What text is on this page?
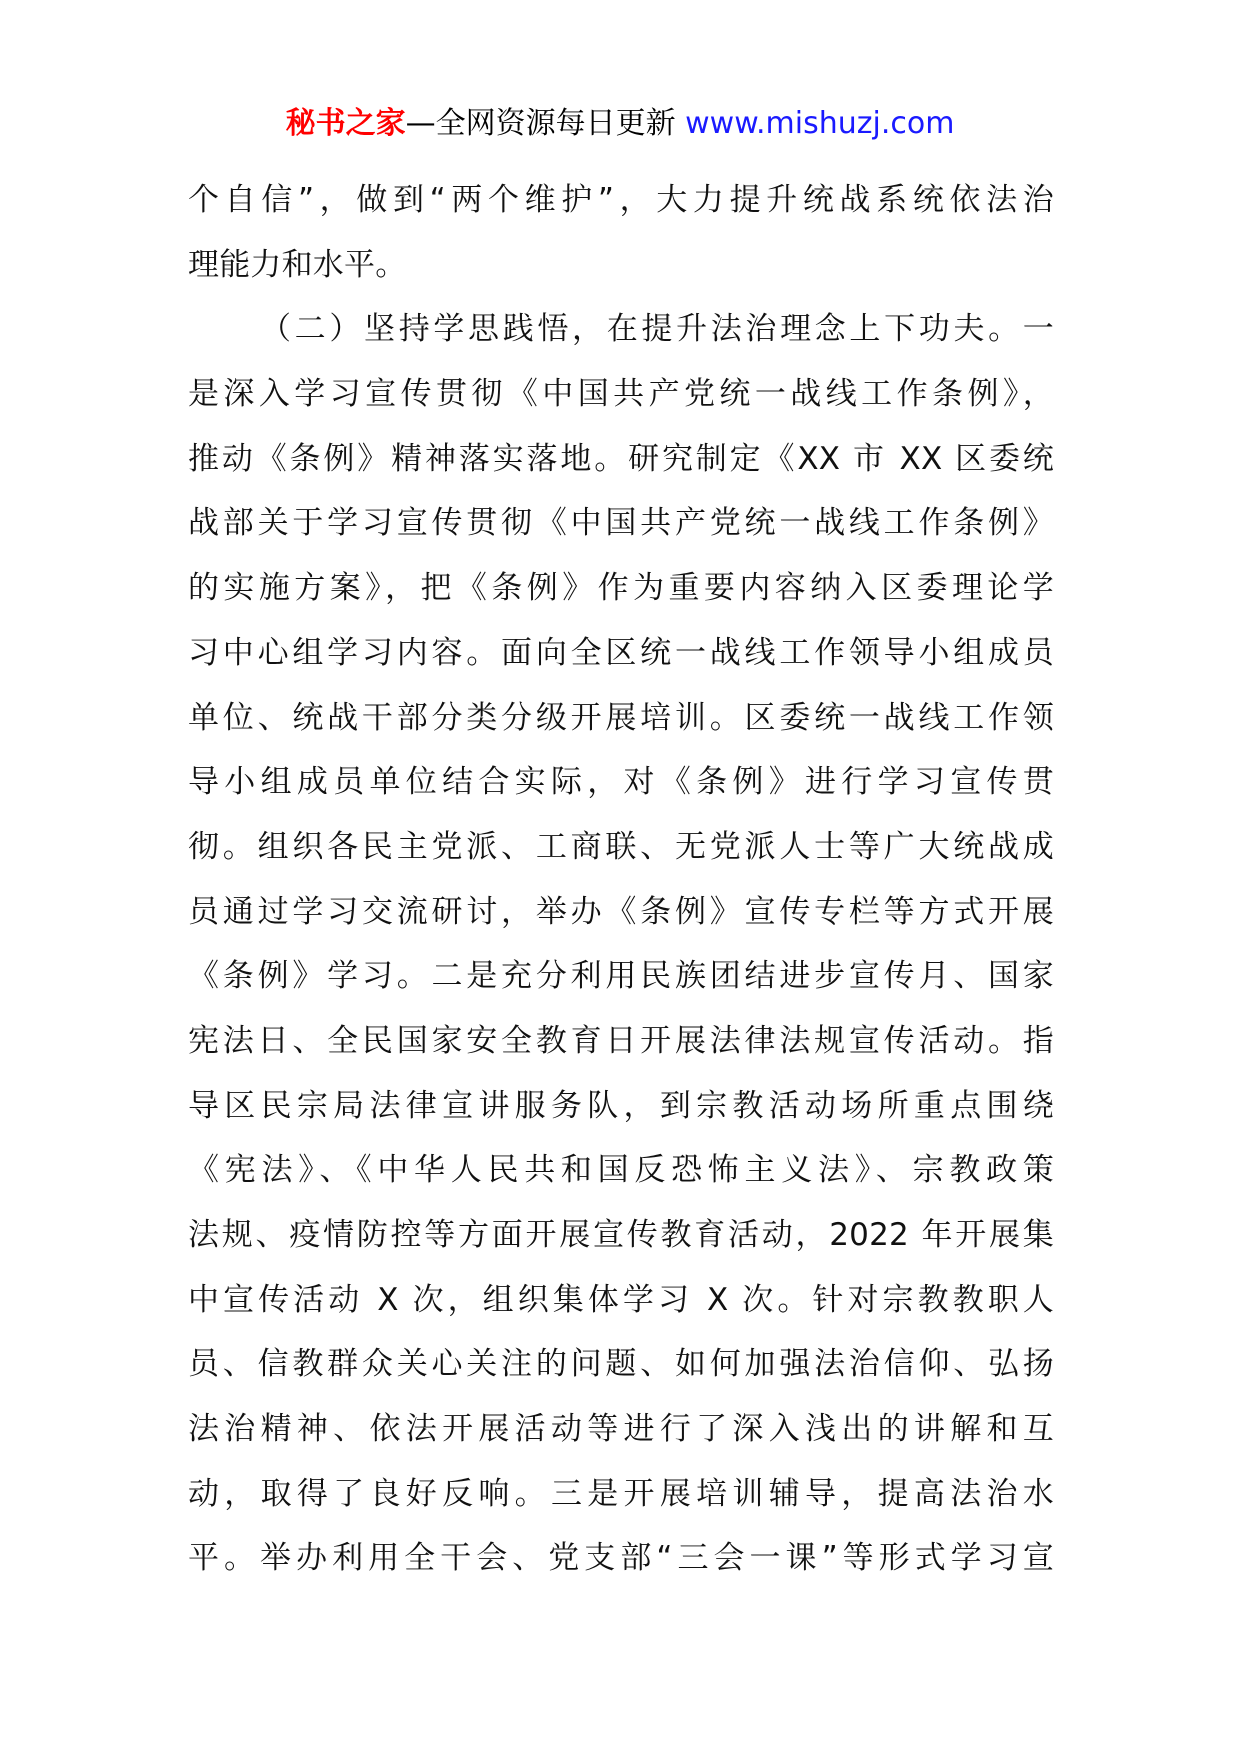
秘书之家—全网资源每日更新 www.mishuzj.com
个自信”，做到“两个维护”，大力提升统战系统依法治
理能力和水平。
（二）坚持学思践悟，在提升法治理念上下功夫。一
是深入学习宣传贯彻《中国共产党统一战线工作条例》，
推动《条例》精神落实落地。研究制定《XX 市 XX 区委统
战部关于学习宣传贯彻《中国共产党统一战线工作条例》
的实施方案》，把《条例》作为重要内容纳入区委理论学
习中心组学习内容。面向全区统一战线工作领导小组成员
单位、统战干部分类分级开展培训。区委统一战线工作领
导小组成员单位结合实际，对《条例》进行学习宣传贯
彻。组织各民主党派、工商联、无党派人士等广大统战成
员通过学习交流研讨，举办《条例》宣传专栏等方式开展
《条例》学习。二是充分利用民族团结进步宣传月、国家
宪法日、全民国家安全教育日开展法律法规宣传活动。指
导区民宗局法律宣讲服务队，到宗教活动场所重点围绕
《宪法》、《中华人民共和国反恐怖主义法》、宗教政策
法规、疫情防控等方面开展宣传教育活动，2022 年开展集
中宣传活动 X 次，组织集体学习 X 次。针对宗教教职人
员、信教群众关心关注的问题、如何加强法治信仰、弘扬
法治精神、依法开展活动等进行了深入浅出的讲解和互
动，取得了良好反响。三是开展培训辅导，提高法治水
平。举办利用全干会、党支部“三会一课”等形式学习宣
